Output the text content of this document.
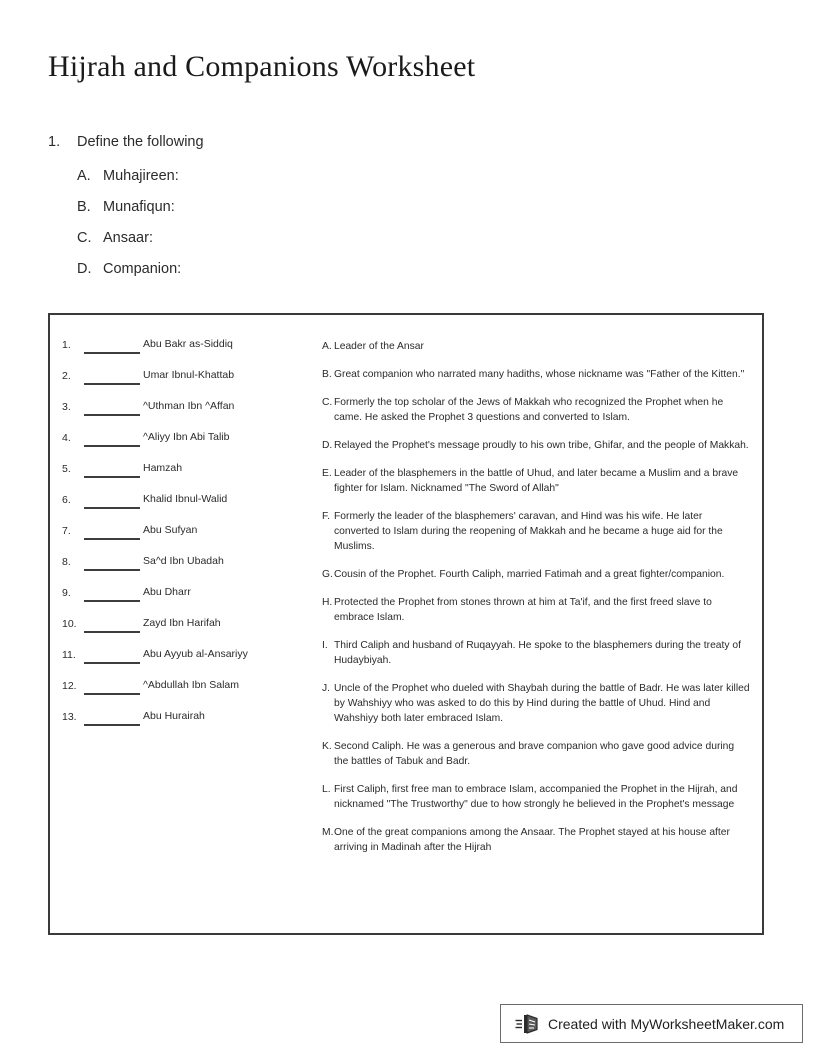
Hijrah and Companions Worksheet
1.	Define the following
A. Muhajireen:
B. Munafiqun:
C. Ansaar:
D. Companion:
1.	Abu Bakr as-Siddiq
2.	Umar Ibnul-Khattab
3.	^Uthman Ibn ^Affan
4.	^Aliyy Ibn Abi Talib
5.	Hamzah
6.	Khalid Ibnul-Walid
7.	Abu Sufyan
8.	Sa^d Ibn Ubadah
9.	Abu Dharr
10.	Zayd Ibn Harifah
11.	Abu Ayyub al-Ansariyy
12.	^Abdullah Ibn Salam
13.	Abu Hurairah
A. Leader of the Ansar
B. Great companion who narrated many hadiths, whose nickname was "Father of the Kitten."
C. Formerly the top scholar of the Jews of Makkah who recognized the Prophet when he came. He asked the Prophet 3 questions and converted to Islam.
D. Relayed the Prophet's message proudly to his own tribe, Ghifar, and the people of Makkah.
E. Leader of the blasphemers in the battle of Uhud, and later became a Muslim and a brave fighter for Islam. Nicknamed "The Sword of Allah"
F. Formerly the leader of the blasphemers' caravan, and Hind was his wife. He later converted to Islam during the reopening of Makkah and he became a huge aid for the Muslims.
G. Cousin of the Prophet. Fourth Caliph, married Fatimah and a great fighter/companion.
H. Protected the Prophet from stones thrown at him at Ta'if, and the first freed slave to embrace Islam.
I. Third Caliph and husband of Ruqayyah. He spoke to the blasphemers during the treaty of Hudaybiyah.
J. Uncle of the Prophet who dueled with Shaybah during the battle of Badr. He was later killed by Wahshiyy who was asked to do this by Hind during the battle of Uhud. Hind and Wahshiyy both later embraced Islam.
K. Second Caliph. He was a generous and brave companion who gave good advice during the battles of Tabuk and Badr.
L. First Caliph, first free man to embrace Islam, accompanied the Prophet in the Hijrah, and nicknamed "The Trustworthy" due to how strongly he believed in the Prophet's message
M. One of the great companions among the Ansaar. The Prophet stayed at his house after arriving in Madinah after the Hijrah
Created with MyWorksheetMaker.com
